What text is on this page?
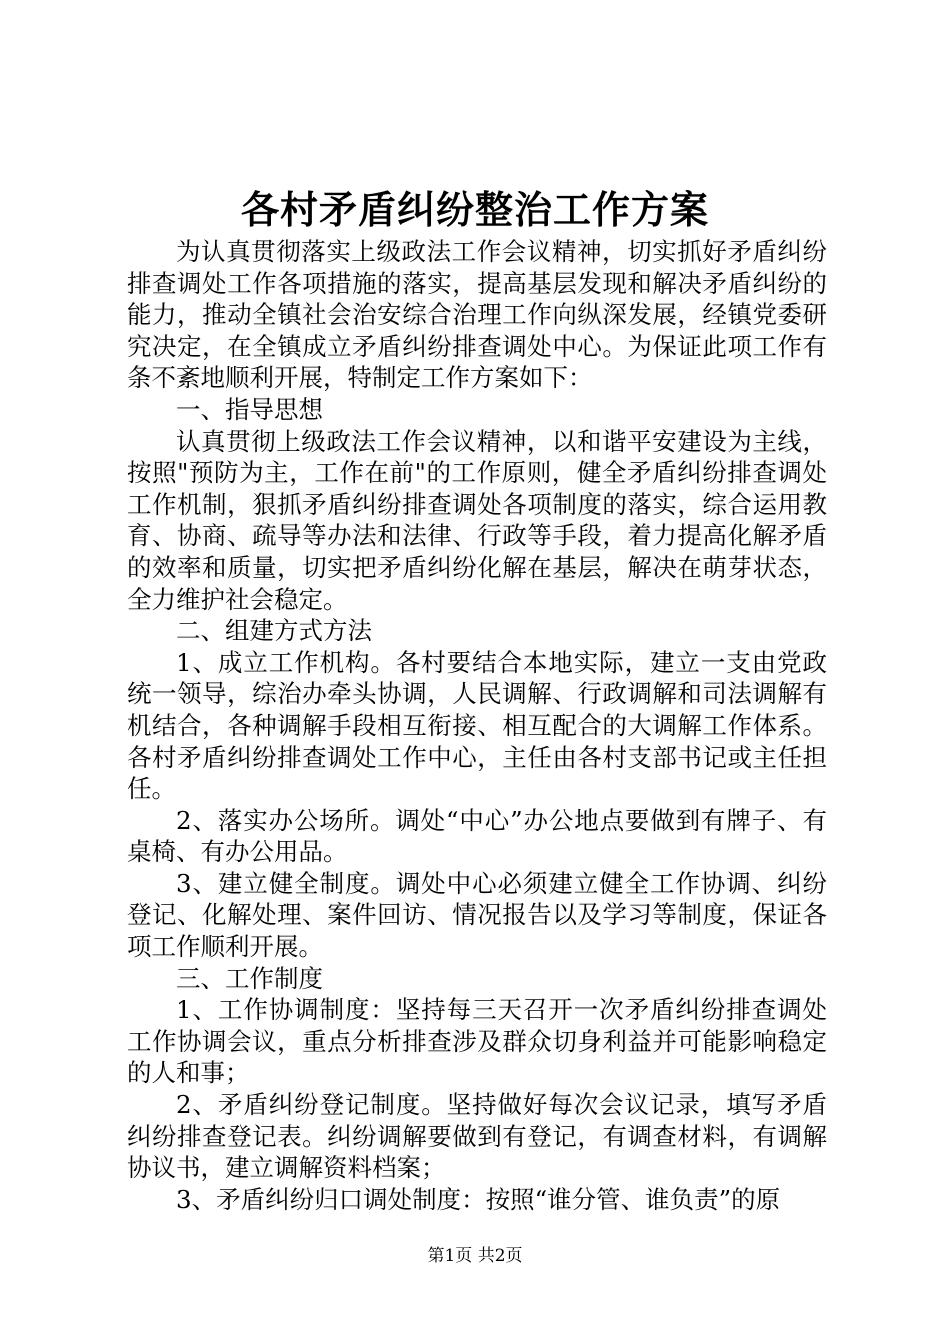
各村矛盾纠纷整治工作方案

为认真贯彻落实上级政法工作会议精神，切实抓好矛盾纠纷排查调处工作各项措施的落实，提高基层发现和解决矛盾纠纷的能力，推动全镇社会治安综合治理工作向纵深发展，经镇党委研究决定，在全镇成立矛盾纠纷排查调处中心。为保证此项工作有条不紊地顺利开展，特制定工作方案如下：

一、指导思想

认真贯彻上级政法工作会议精神，以和谐平安建设为主线，按照"预防为主，工作在前"的工作原则，健全矛盾纠纷排查调处工作机制，狠抓矛盾纠纷排查调处各项制度的落实，综合运用教育、协商、疏导等办法和法律、行政等手段，着力提高化解矛盾的效率和质量，切实把矛盾纠纷化解在基层，解决在萌芽状态，全力维护社会稳定。

二、组建方式方法

1、成立工作机构。各村要结合本地实际，建立一支由党政统一领导，综治办牵头协调，人民调解、行政调解和司法调解有机结合，各种调解手段相互衔接、相互配合的大调解工作体系。各村矛盾纠纷排查调处工作中心，主任由各村支部书记或主任担任。

2、落实办公场所。调处“中心”办公地点要做到有牌子、有桌椅、有办公用品。

3、建立健全制度。调处中心必须建立健全工作协调、纠纷登记、化解处理、案件回访、情况报告以及学习等制度，保证各项工作顺利开展。

三、工作制度

1、工作协调制度：坚持每三天召开一次矛盾纠纷排查调处工作协调会议，重点分析排查涉及群众切身利益并可能影响稳定的人和事；

2、矛盾纠纷登记制度。坚持做好每次会议记录，填写矛盾纠纷排查登记表。纠纷调解要做到有登记，有调查材料，有调解协议书，建立调解资料档案；

3、矛盾纠纷归口调处制度：按照“谁分管、谁负责”的原

第1页 共2页
